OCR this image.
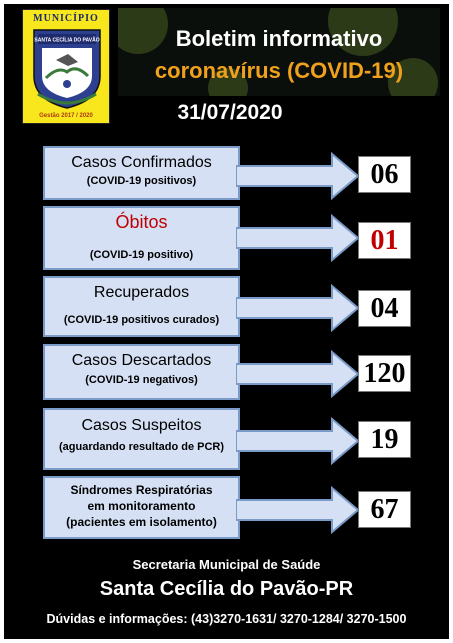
MUNICÍPIO
SANTA CECÍLIA DO PAVÃO
Gestão 2017 / 2020
Boletim informativo
coronavírus (COVID-19)
31/07/2020
Casos Confirmados
(COVID-19 positivos)	06
Óbitos
(COVID-19 positivo)	01
Recuperados
(COVID-19 positivos curados)	04
Casos Descartados
(COVID-19 negativos)	120
Casos Suspeitos
(aguardando resultado de PCR)	19
Síndromes Respiratórias
em monitoramento
(pacientes em isolamento)	67
Secretaria Municipal de Saúde
Santa Cecília do Pavão-PR
Dúvidas e informações: (43)3270-1631/ 3270-1284/ 3270-1500
